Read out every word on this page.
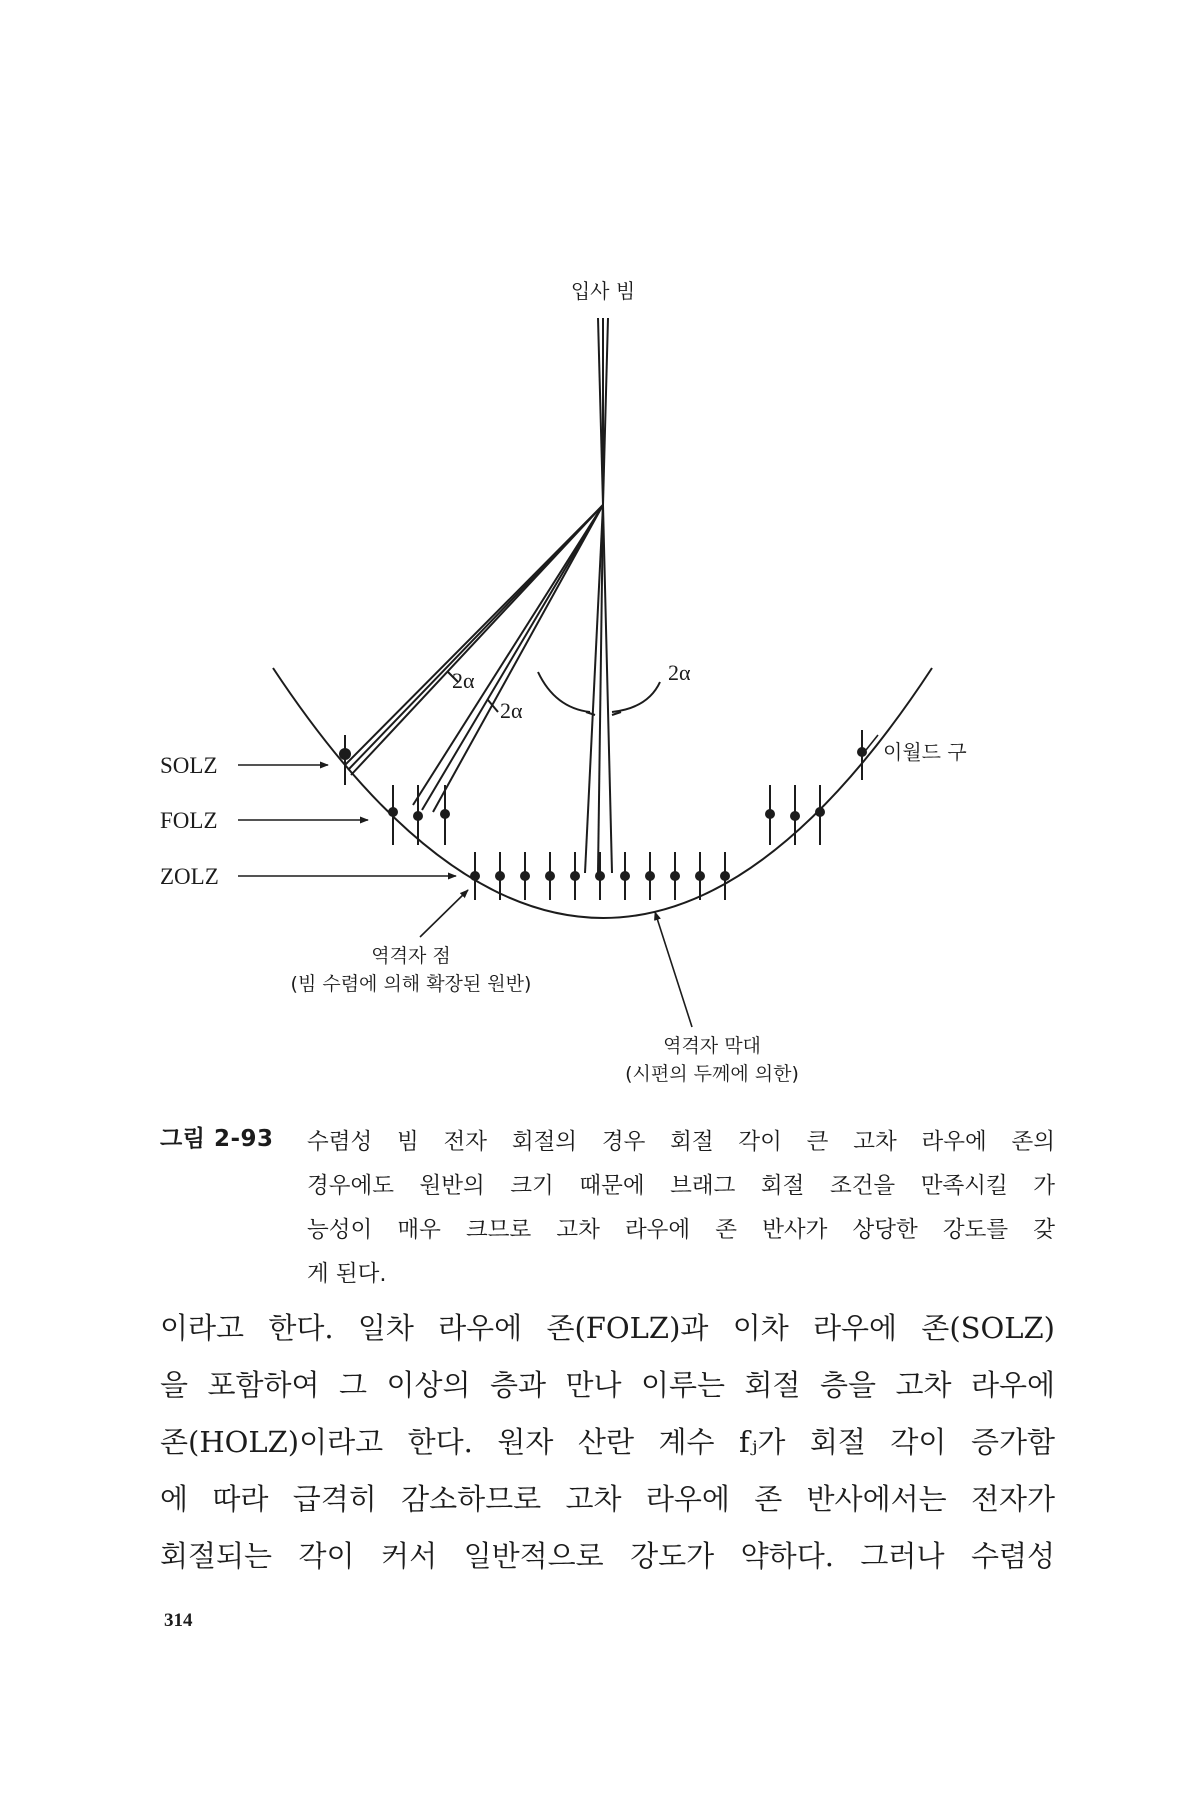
입사 빔
2α
2α
2α
이월드 구
SOLZ
FOLZ
ZOLZ
역격자 점
(빔 수렴에 의해 확장된 원반)
역격자 막대
(시편의 두께에 의한)
그림 2-93 수렴성 빔 전자 회절의 경우 회절 각이 큰 고차 라우에 존의
경우에도 원반의 크기 때문에 브래그 회절 조건을 만족시킬 가
능성이 매우 크므로 고차 라우에 존 반사가 상당한 강도를 갖
게 된다.
이라고 한다. 일차 라우에 존(FOLZ)과 이차 라우에 존(SOLZ)
을 포함하여 그 이상의 층과 만나 이루는 회절 층을 고차 라우에
존(HOLZ)이라고 한다. 원자 산란 계수 fⱼ가 회절 각이 증가함
에 따라 급격히 감소하므로 고차 라우에 존 반사에서는 전자가
회절되는 각이 커서 일반적으로 강도가 약하다. 그러나 수렴성
314
